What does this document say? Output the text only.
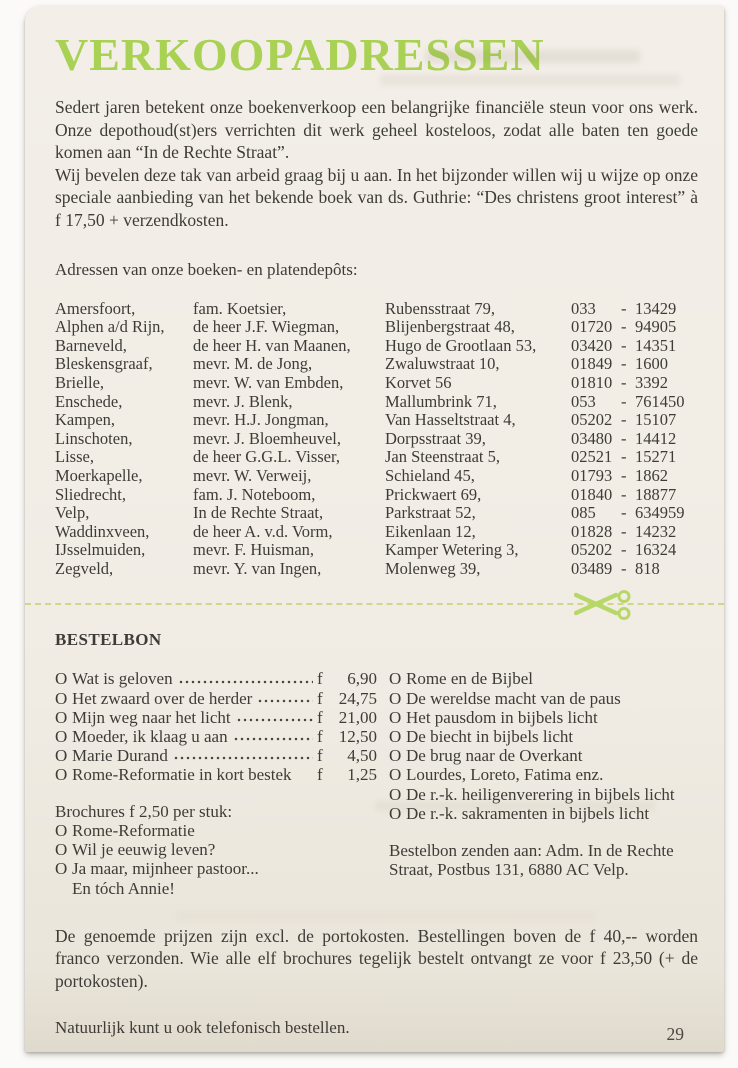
VERKOOPADRESSEN

Sedert jaren betekent onze boekenverkoop een belangrijke financiële steun voor ons werk. Onze depothoud(st)ers verrichten dit werk geheel kosteloos, zodat alle baten ten goede komen aan “In de Rechte Straat”.

Wij bevelen deze tak van arbeid graag bij u aan. In het bijzonder willen wij u wijze op onze speciale aanbieding van het bekende boek van ds. Guthrie: “Des christens groot interest” à f 17,50 + verzendkosten.

Adressen van onze boeken- en platendepôts:
Amersfoort,	fam. Koetsier,	Rubensstraat 79,	033	- 13429
Alphen a/d Rijn,	de heer J.F. Wiegman,	Blijenbergstraat 48,	01720 - 94905
Barneveld,	de heer H. van Maanen,	Hugo de Grootlaan 53,	03420 - 14351
Bleskensgraaf,	mevr. M. de Jong,	Zwaluwstraat 10,	01849 - 1600
Brielle,	mevr. W. van Embden,	Korvet 56	01810 - 3392
Enschede,	mevr. J. Blenk,	Mallumbrink 71,	053	- 761450
Kampen,	mevr. H.J. Jongman,	Van Hasseltstraat 4,	05202 - 15107
Linschoten,	mevr. J. Bloemheuvel,	Dorpsstraat 39,	03480 - 14412
Lisse,	de heer G.G.L. Visser,	Jan Steenstraat 5,	02521 - 15271
Moerkapelle,	mevr. W. Verweij,	Schieland 45,	01793 - 1862
Sliedrecht,	fam. J. Noteboom,	Prickwaert 69,	01840 - 18877
Velp,	In de Rechte Straat,	Parkstraat 52,	085	- 634959
Waddinxveen,	de heer A. v.d. Vorm,	Eikenlaan 12,	01828 - 14232
IJsselmuiden,	mevr. F. Huisman,	Kamper Wetering 3,	05202 - 16324
Zegveld,	mevr. Y. van Ingen,	Molenweg 39,	03489 - 818
BESTELBON
O Wat is geloven	f	6,90
O Het zwaard over de herder	f 24,75
O Mijn weg naar het licht	f 21,00
O Moeder, ik klaag u aan	f 12,50
O Marie Durand	f	4,50
O Rome-Reformatie in kort bestek	f	1,25
Brochures f 2,50 per stuk:
O Rome-Reformatie
O Wil je eeuwig leven?
O Ja maar, mijnheer pastoor...
En tóch Annie!
O Rome en de Bijbel
O De wereldse macht van de paus
O Het pausdom in bijbels licht
O De biecht in bijbels licht
O De brug naar de Overkant
O Lourdes, Loreto, Fatima enz.
O De r.-k. heiligenverering in bijbels licht
O De r.-k. sakramenten in bijbels licht
Bestelbon zenden aan: Adm. In de Rechte
Straat, Postbus 131, 6880 AC Velp.

De genoemde prijzen zijn excl. de portokosten. Bestellingen boven de f 40,-- worden franco verzonden. Wie alle elf brochures tegelijk bestelt ontvangt ze voor f 23,50 (+ de portokosten).

Natuurlijk kunt u ook telefonisch bestellen.	29
